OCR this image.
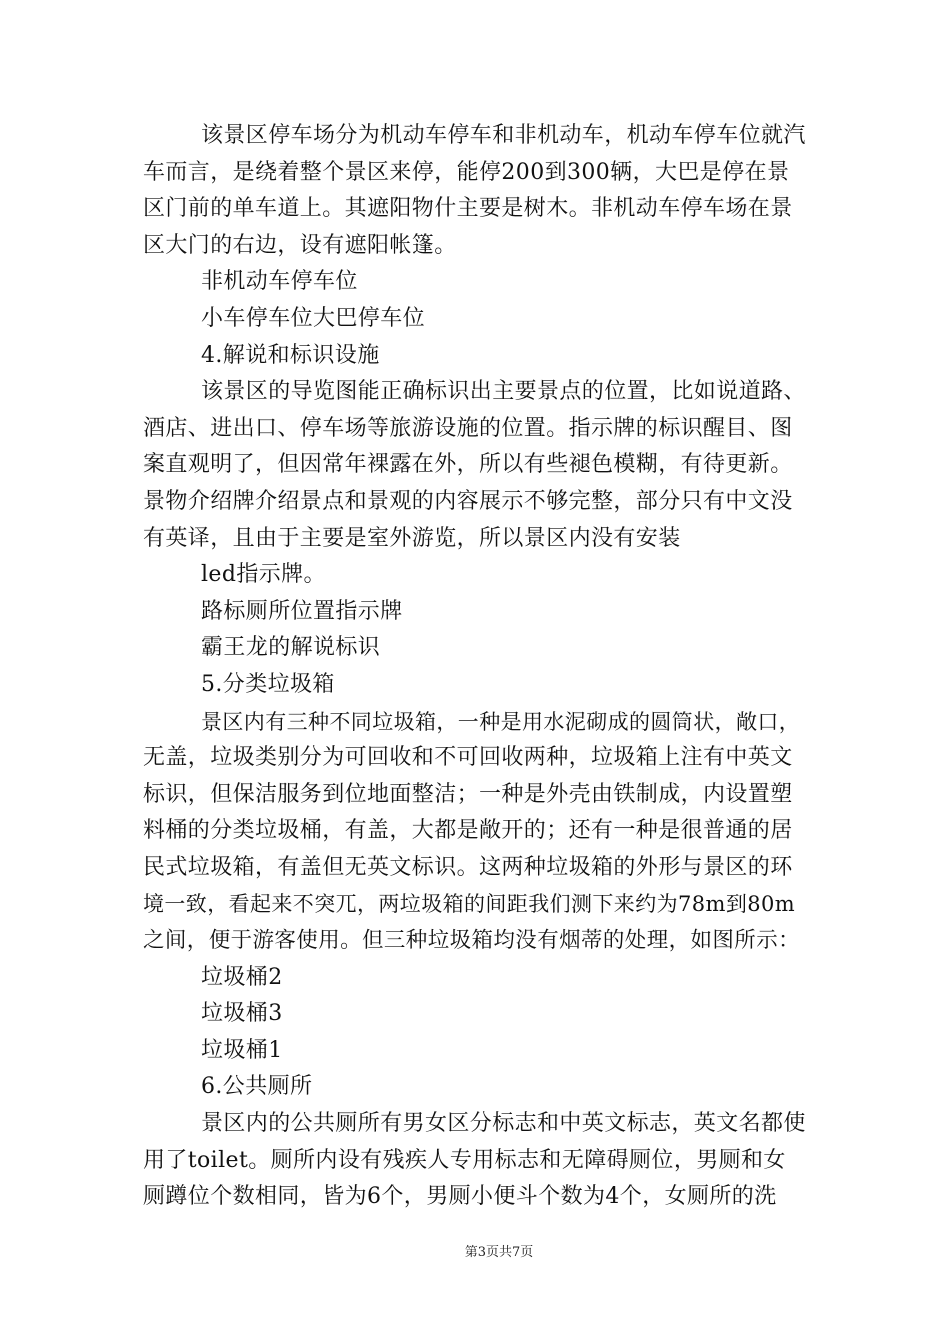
该景区停车场分为机动车停车和非机动车，机动车停车位就汽
车而言，是绕着整个景区来停，能停200到300辆，大巴是停在景
区门前的单车道上。其遮阳物什主要是树木。非机动车停车场在景
区大门的右边，设有遮阳帐篷。
非机动车停车位
小车停车位大巴停车位
4.解说和标识设施
该景区的导览图能正确标识出主要景点的位置，比如说道路、
酒店、进出口、停车场等旅游设施的位置。指示牌的标识醒目、图
案直观明了，但因常年裸露在外，所以有些褪色模糊，有待更新。
景物介绍牌介绍景点和景观的内容展示不够完整，部分只有中文没
有英译，且由于主要是室外游览，所以景区内没有安装
led指示牌。
路标厕所位置指示牌
霸王龙的解说标识
5.分类垃圾箱
景区内有三种不同垃圾箱，一种是用水泥砌成的圆筒状，敞口，
无盖，垃圾类别分为可回收和不可回收两种，垃圾箱上注有中英文
标识，但保洁服务到位地面整洁；一种是外壳由铁制成，内设置塑
料桶的分类垃圾桶，有盖，大都是敞开的；还有一种是很普通的居
民式垃圾箱，有盖但无英文标识。这两种垃圾箱的外形与景区的环
境一致，看起来不突兀，两垃圾箱的间距我们测下来约为78m到80m
之间，便于游客使用。但三种垃圾箱均没有烟蒂的处理，如图所示：
垃圾桶2
垃圾桶3
垃圾桶1
6.公共厕所
景区内的公共厕所有男女区分标志和中英文标志，英文名都使
用了toilet。厕所内设有残疾人专用标志和无障碍厕位，男厕和女
厕蹲位个数相同，皆为6个，男厕小便斗个数为4个，女厕所的洗
第3页共7页
